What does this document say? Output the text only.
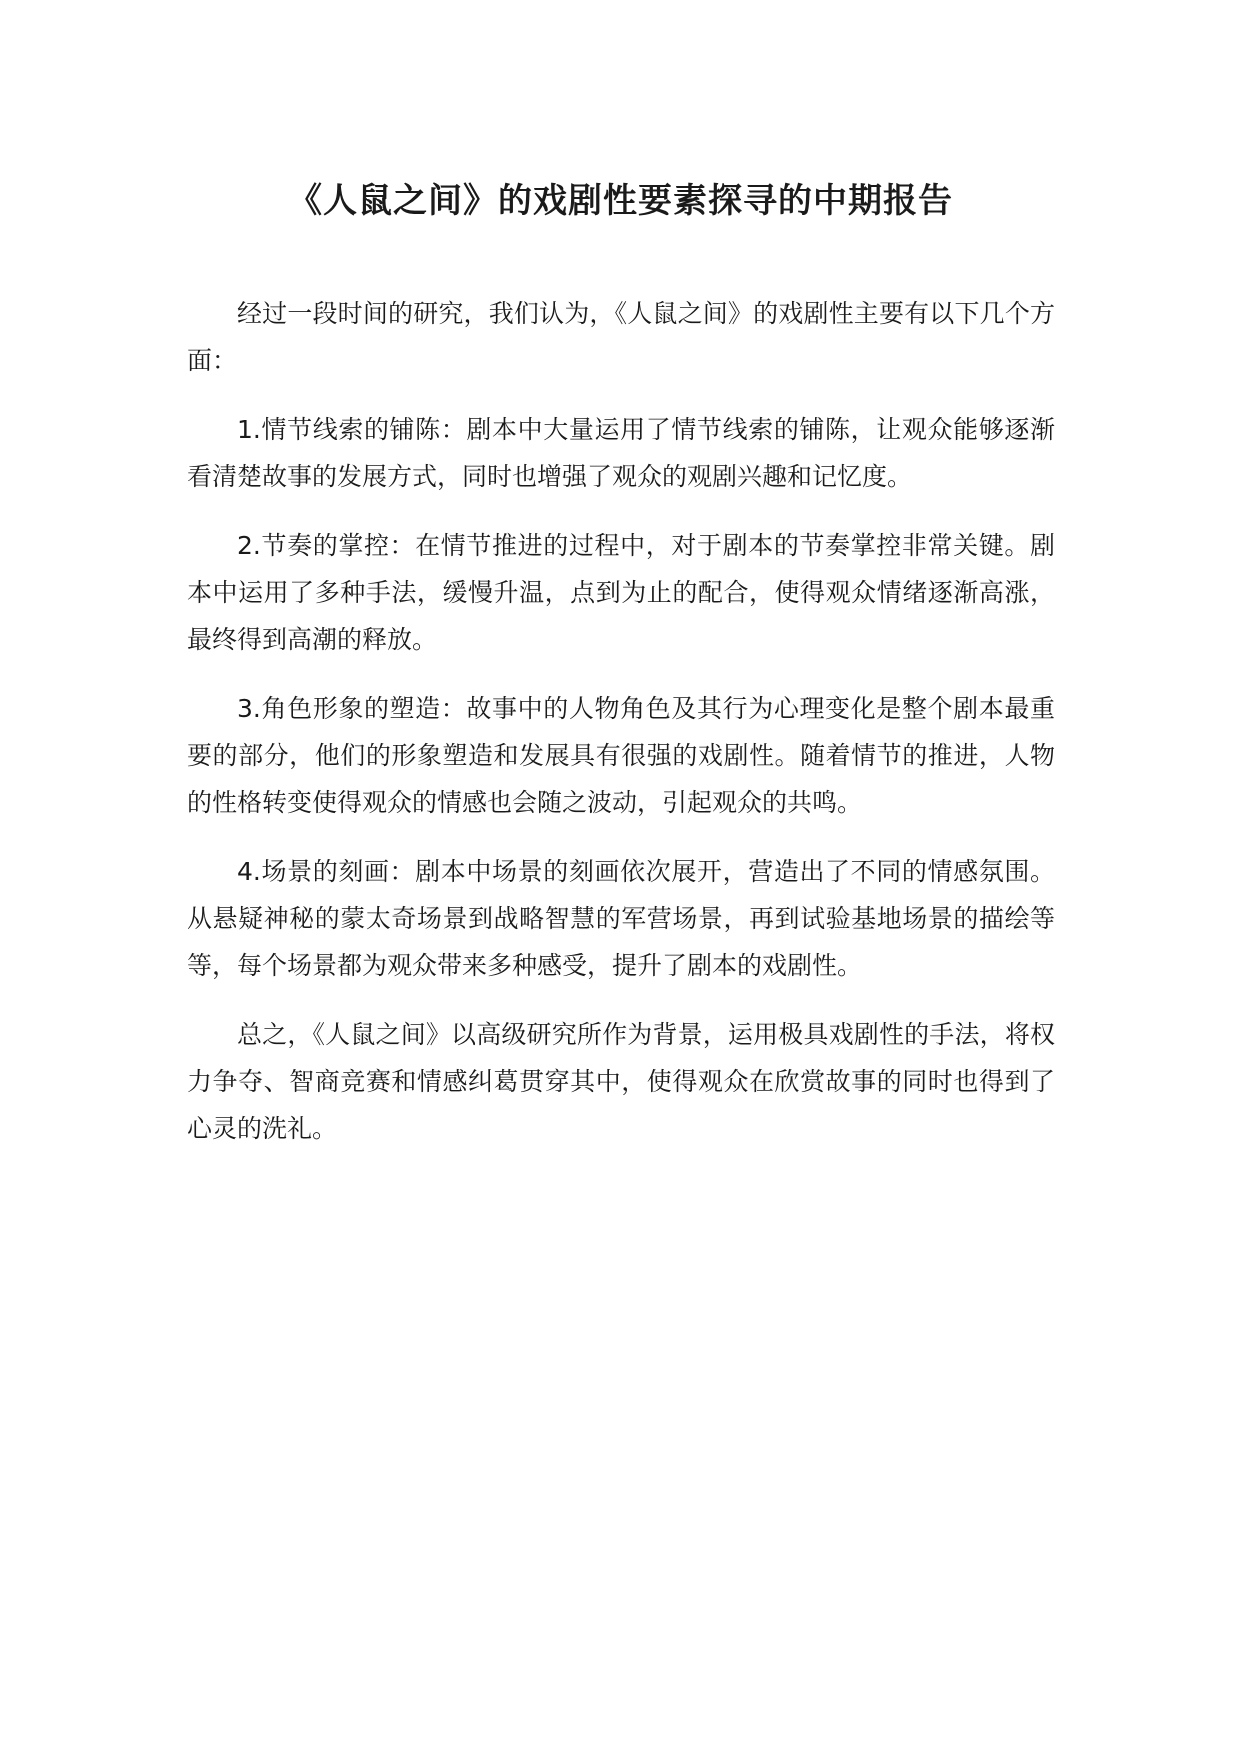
《人鼠之间》的戏剧性要素探寻的中期报告

经过一段时间的研究，我们认为，《人鼠之间》的戏剧性主要有以下几个方面：

1.情节线索的铺陈：剧本中大量运用了情节线索的铺陈，让观众能够逐渐看清楚故事的发展方式，同时也增强了观众的观剧兴趣和记忆度。

2.节奏的掌控：在情节推进的过程中，对于剧本的节奏掌控非常关键。剧本中运用了多种手法，缓慢升温，点到为止的配合，使得观众情绪逐渐高涨，最终得到高潮的释放。

3.角色形象的塑造：故事中的人物角色及其行为心理变化是整个剧本最重要的部分，他们的形象塑造和发展具有很强的戏剧性。随着情节的推进，人物的性格转变使得观众的情感也会随之波动，引起观众的共鸣。

4.场景的刻画：剧本中场景的刻画依次展开，营造出了不同的情感氛围。从悬疑神秘的蒙太奇场景到战略智慧的军营场景，再到试验基地场景的描绘等等，每个场景都为观众带来多种感受，提升了剧本的戏剧性。

总之，《人鼠之间》以高级研究所作为背景，运用极具戏剧性的手法，将权力争夺、智商竞赛和情感纠葛贯穿其中，使得观众在欣赏故事的同时也得到了心灵的洗礼。
